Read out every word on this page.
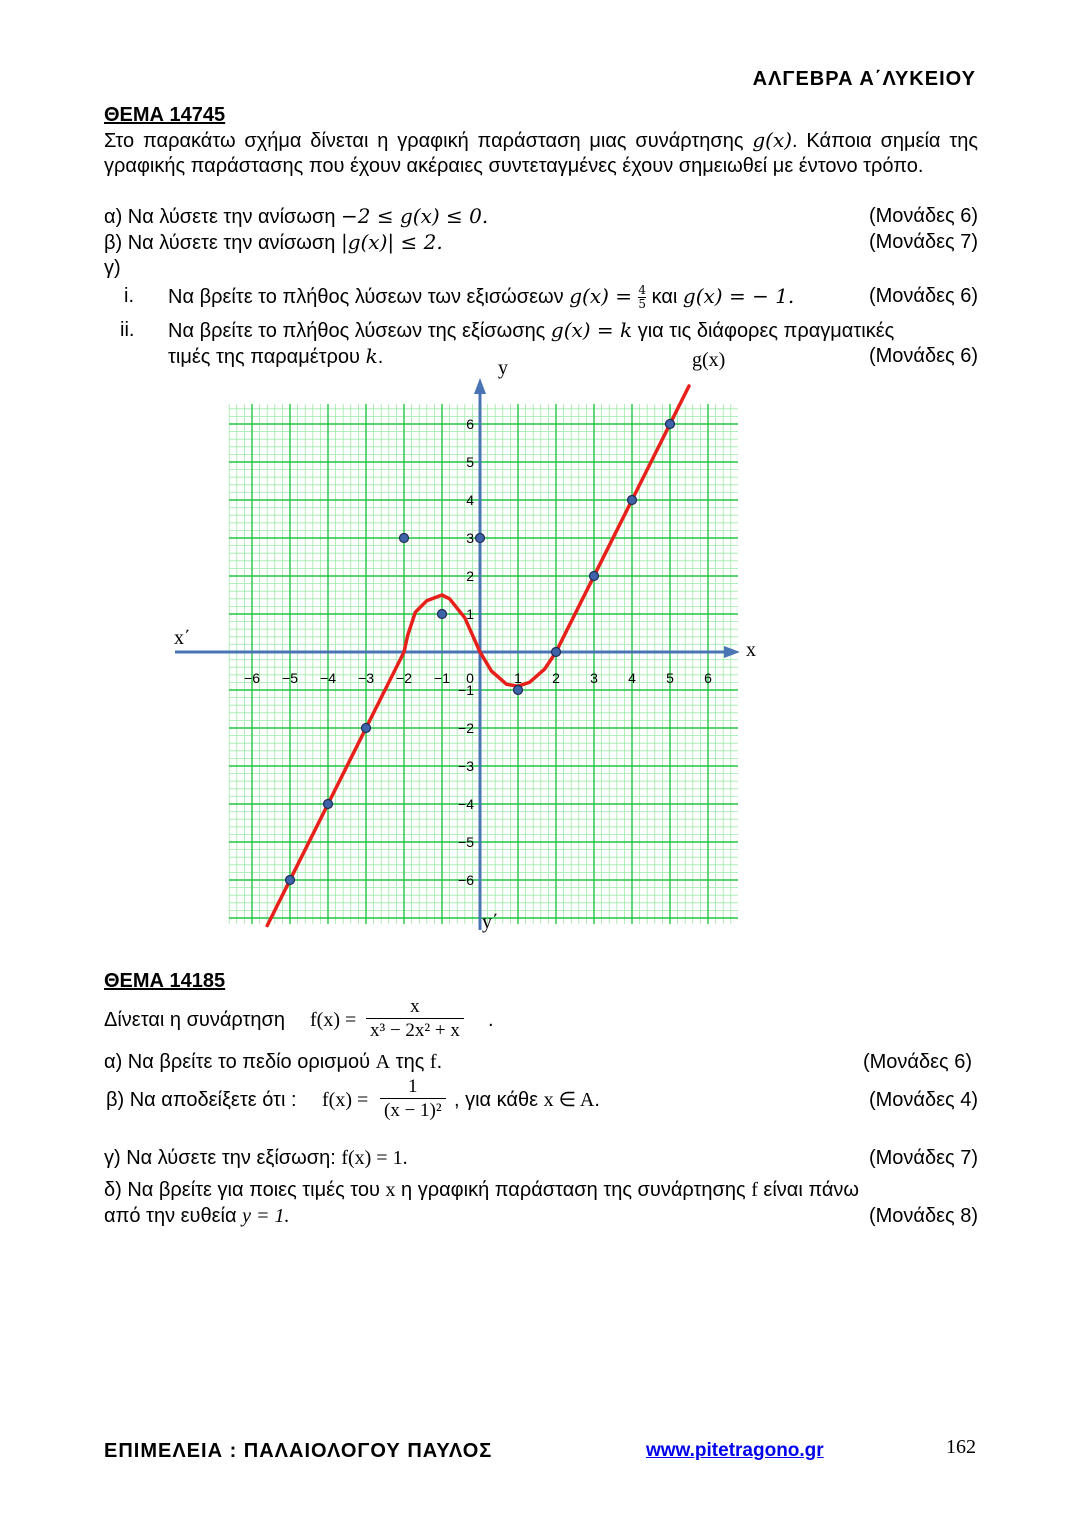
ΑΛΓΕΒΡΑ Α΄ΛΥΚΕΙΟΥ
ΘΕΜΑ 14745
Στο παρακάτω σχήμα δίνεται η γραφική παράσταση μιας συνάρτησης g(x). Κάποια σημεία της γραφικής παράστασης που έχουν ακέραιες συντεταγμένες έχουν σημειωθεί με έντονο τρόπο.
α) Να λύσετε την ανίσωση −2 ≤ g(x) ≤ 0.	(Μονάδες 6)
β) Να λύσετε την ανίσωση |g(x)| ≤ 2.	(Μονάδες 7)
γ)
i. Να βρείτε το πλήθος λύσεων των εξισώσεων $g(x) = \frac{4}{5}$ και g(x) = − 1.	(Μονάδες 6)
ii. Να βρείτε το πλήθος λύσεων της εξίσωσης g(x) = k για τις διάφορες πραγματικές
τιμές της παραμέτρου k.	(Μονάδες 6)
−6 −5 −4 −3 −2 −1 0	1 2 3 4 5 6
6
5
4
3
2
1
−1
−2
−3
−4
−5
−6
y
y΄
x
x΄
g(x)
ΘΕΜΑ 14185
Δίνεται η συνάρτηση $f(x) = \frac{x}{\text{x³ − 2x² + x}}$ .
α) Να βρείτε το πεδίο ορισμού A της f.	(Μονάδες 6)
β) Να αποδείξετε ότι : $f(x) = \frac{1}{\text{(x − 1)²}}$ , για κάθε x ∈ A.	(Μονάδες 4)
γ) Να λύσετε την εξίσωση: f(x) = 1.	(Μονάδες 7)
δ) Να βρείτε για ποιες τιμές του x η γραφική παράσταση της συνάρτησης f είναι πάνω
από την ευθεία y = 1.	(Μονάδες 8)
ΕΠΙΜΕΛΕΙΑ : ΠΑΛΑΙΟΛΟΓΟΥ ΠΑΥΛΟΣ	www.pitetragono.gr	162
